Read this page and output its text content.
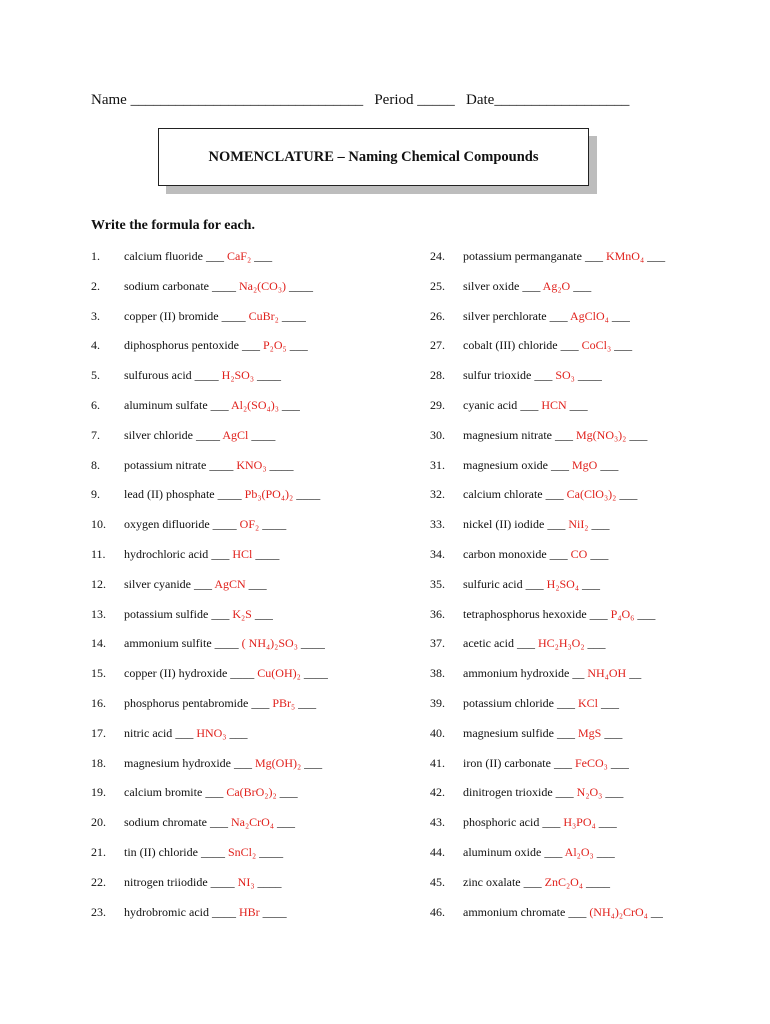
Name _______________________________ Period _____ Date__________________
NOMENCLATURE – Naming Chemical Compounds
Write the formula for each.
1. calcium fluoride ___ CaF₂ ___
2. sodium carbonate ____ Na₂(CO₃) ____
3. copper (II) bromide ____ CuBr₂ ____
4. diphosphorus pentoxide ___ P₂O₅ ___
5. sulfurous acid ____ H₂SO₃ ____
6. aluminum sulfate ___ Al₂(SO₄)₃ ___
7. silver chloride ____ AgCl ____
8. potassium nitrate ____ KNO₃ ____
9. lead (II) phosphate ____ Pb₃(PO₄)₂ ____
10. oxygen difluoride ____ OF₂ ____
11. hydrochloric acid ___ HCl ____
12. silver cyanide ___ AgCN ___
13. potassium sulfide ___ K₂S ___
14. ammonium sulfite ____ ( NH₄)₂SO₃ ____
15. copper (II) hydroxide ____ Cu(OH)₂ ____
16. phosphorus pentabromide ___ PBr₅ ___
17. nitric acid ___ HNO₃ ___
18. magnesium hydroxide ___ Mg(OH)₂ ___
19. calcium bromite ___ Ca(BrO₂)₂ ___
20. sodium chromate ___ Na₂CrO₄ ___
21. tin (II) chloride ____ SnCl₂ ____
22. nitrogen triiodide ____ NI₃ ____
23. hydrobromic acid ____ HBr ____
24. potassium permanganate ___ KMnO₄ ___
25. silver oxide ___ Ag₂O ___
26. silver perchlorate ___ AgClO₄ ___
27. cobalt (III) chloride ___ CoCl₃ ___
28. sulfur trioxide ___ SO₃ ____
29. cyanic acid ___ HCN ___
30. magnesium nitrate ___ Mg(NO₃)₂ ___
31. magnesium oxide ___ MgO ___
32. calcium chlorate ___ Ca(ClO₃)₂ ___
33. nickel (II) iodide ___ NiI₂ ___
34. carbon monoxide ___ CO ___
35. sulfuric acid ___ H₂SO₄ ___
36. tetraphosphorus hexoxide ___ P₄O₆ ___
37. acetic acid ___ HC₂H₃O₂ ___
38. ammonium hydroxide __ NH₄OH __
39. potassium chloride ___ KCl ___
40. magnesium sulfide ___ MgS ___
41. iron (II) carbonate ___ FeCO₃ ___
42. dinitrogen trioxide ___ N₂O₃ ___
43. phosphoric acid ___ H₃PO₄ ___
44. aluminum oxide ___ Al₂O₃ ___
45. zinc oxalate ___ ZnC₂O₄ ____
46. ammonium chromate ___ (NH₄)₂CrO₄ __
